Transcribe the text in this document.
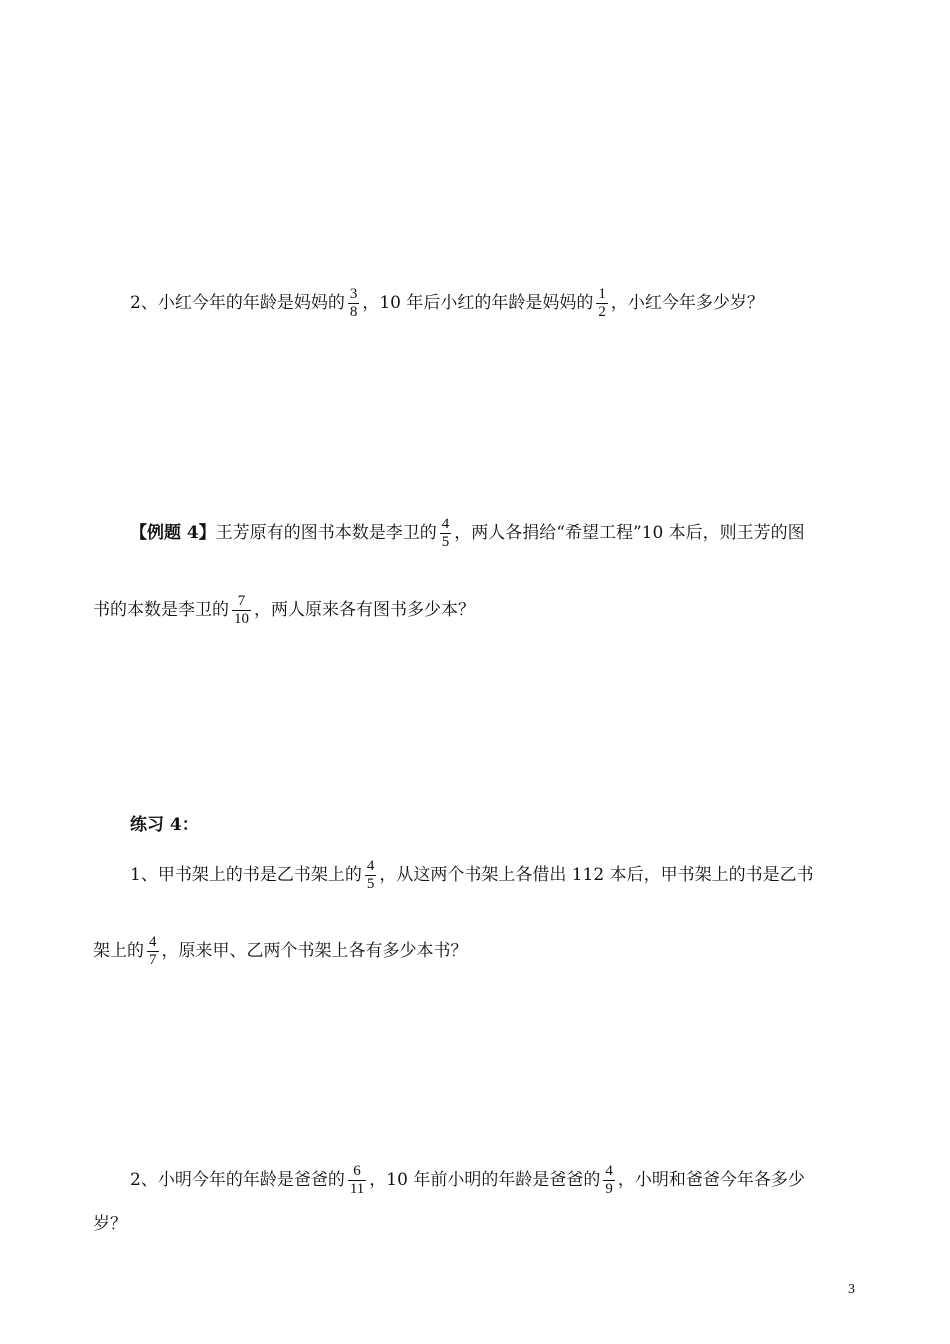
2、小红今年的年龄是妈妈的 $\frac{3}{8}$ ，10 年后小红的年龄是妈妈的 $\frac{1}{2}$ ，小红今年多少岁？
【例题 4】王芳原有的图书本数是李卫的 $\frac{4}{5}$ ，两人各捐给“希望工程”10 本后，则王芳的图
书的本数是李卫的 $\frac{7}{10}$ ，两人原来各有图书多少本？
练习 4：
1、甲书架上的书是乙书架上的 $\frac{4}{5}$ ，从这两个书架上各借出 112 本后，甲书架上的书是乙书
架上的 $\frac{4}{7}$ ，原来甲、乙两个书架上各有多少本书？
2、小明今年的年龄是爸爸的 $\frac{6}{11}$ ，10 年前小明的年龄是爸爸的 $\frac{4}{9}$ ，小明和爸爸今年各多少
岁？
3
